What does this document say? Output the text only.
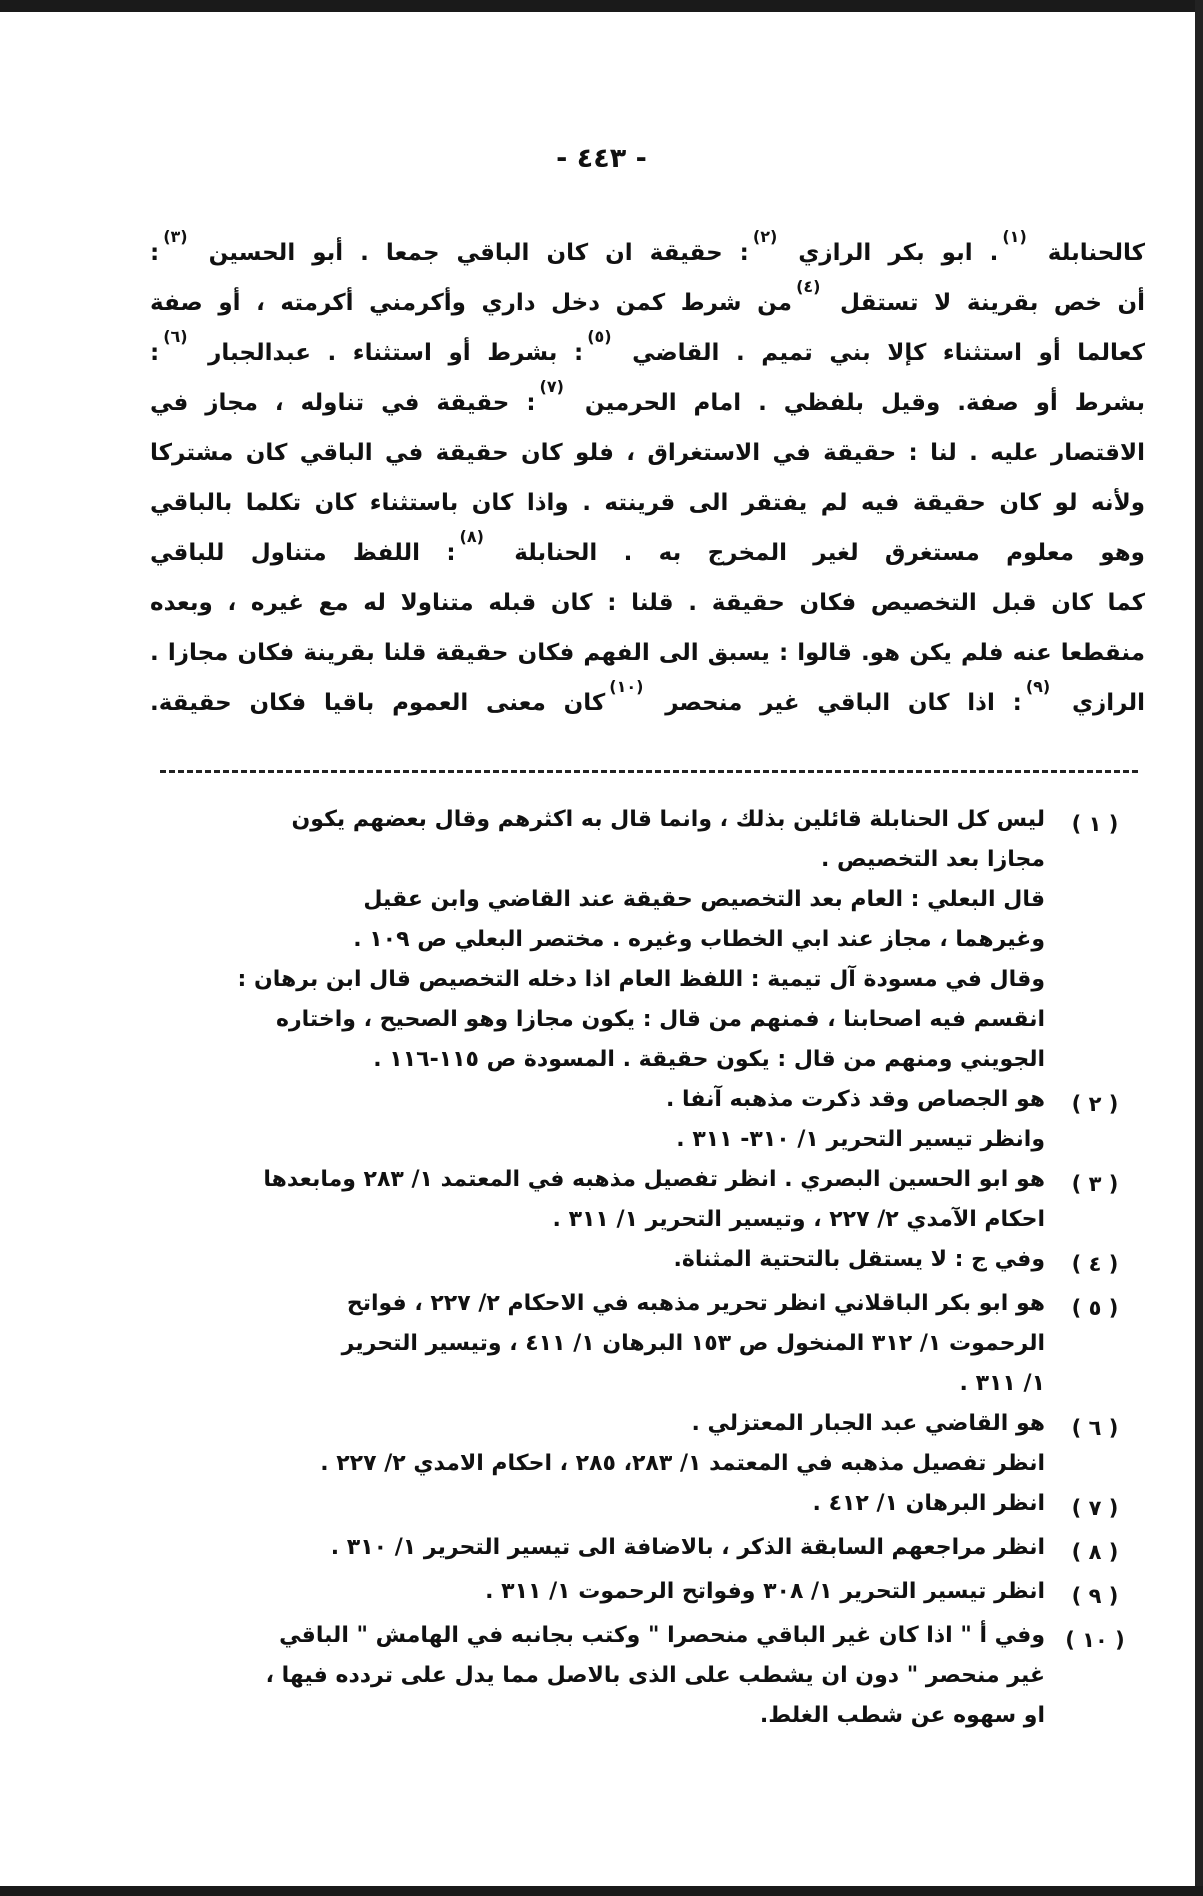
- ٤٤٣ -
كالحنابلة $^{(١)}$. ابو بكر الرازي $^{(٢)}$: حقيقة ان كان الباقي جمعا . أبو الحسين $^{(٣)}$:
أن خص بقرينة لا تستقل $^{(٤)}$من شرط كمن دخل داري وأكرمني أكرمته ، أو صفة
كعالما أو استثناء كإلا بني تميم . القاضي $^{(٥)}$: بشرط أو استثناء . عبدالجبار $^{(٦)}$:
بشرط أو صفة. وقيل بلفظي . امام الحرمين $^{(٧)}$: حقيقة في تناوله ، مجاز في
الاقتصار عليه . لنا : حقيقة في الاستغراق ، فلو كان حقيقة في الباقي كان مشتركا
ولأنه لو كان حقيقة فيه لم يفتقر الى قرينته . واذا كان باستثناء كان تكلما بالباقي
وهو معلوم مستغرق لغير المخرج به . الحنابلة $^{(٨)}$: اللفظ متناول للباقي
كما كان قبل التخصيص فكان حقيقة . قلنا : كان قبله متناولا له مع غيره ، وبعده
منقطعا عنه فلم يكن هو. قالوا : يسبق الى الفهم فكان حقيقة قلنا بقرينة فكان مجازا .
الرازي $^{(٩)}$: اذا كان الباقي غير منحصر $^{(١٠)}$كان معنى العموم باقيا فكان حقيقة.
( ١ )
ليس كل الحنابلة قائلين بذلك ، وانما قال به اكثرهم وقال بعضهم يكون
مجازا بعد التخصيص .
قال البعلي : العام بعد التخصيص حقيقة عند القاضي وابن عقيل
وغيرهما ، مجاز عند ابي الخطاب وغيره . مختصر البعلي ص ١٠٩ .
وقال في مسودة آل تيمية : اللفظ العام اذا دخله التخصيص قال ابن برهان :
انقسم فيه اصحابنا ، فمنهم من قال : يكون مجازا وهو الصحيح ، واختاره
الجويني ومنهم من قال : يكون حقيقة . المسودة ص ١١٥-١١٦ .
( ٢ )
هو الجصاص وقد ذكرت مذهبه آنفا .
وانظر تيسير التحرير ١/ ٣١٠- ٣١١ .
( ٣ )
هو ابو الحسين البصري . انظر تفصيل مذهبه في المعتمد ١/ ٢٨٣ ومابعدها
احكام الآمدي ٢/ ٢٢٧ ، وتيسير التحرير ١/ ٣١١ .
( ٤ )
وفي ج : لا يستقل بالتحتية المثناة.
( ٥ )
هو ابو بكر الباقلاني انظر تحرير مذهبه في الاحكام ٢/ ٢٢٧ ، فواتح
الرحموت ١/ ٣١٢ المنخول ص ١٥٣ البرهان ١/ ٤١١ ، وتيسير التحرير
١/ ٣١١ .
( ٦ )
هو القاضي عبد الجبار المعتزلي .
انظر تفصيل مذهبه في المعتمد ١/ ٢٨٣، ٢٨٥ ، احكام الامدي ٢/ ٢٢٧ .
( ٧ )
انظر البرهان ١/ ٤١٢ .
( ٨ )
انظر مراجعهم السابقة الذكر ، بالاضافة الى تيسير التحرير ١/ ٣١٠ .
( ٩ )
انظر تيسير التحرير ١/ ٣٠٨ وفواتح الرحموت ١/ ٣١١ .
( ١٠ )
وفي أ " اذا كان غير الباقي منحصرا " وكتب بجانبه في الهامش " الباقي
غير منحصر " دون ان يشطب على الذى بالاصل مما يدل على تردده فيها ،
او سهوه عن شطب الغلط.
